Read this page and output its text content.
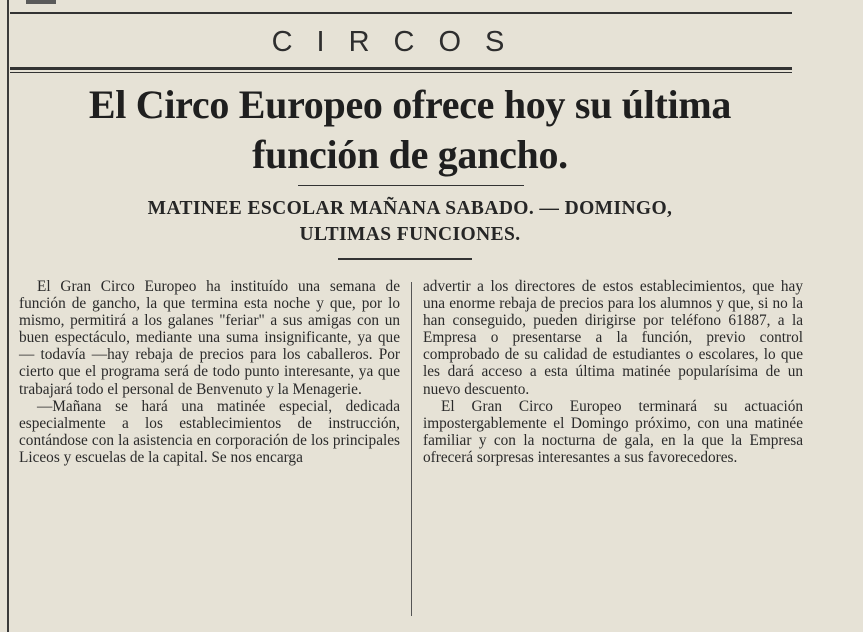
CIRCOS
El Circo Europeo ofrece hoy su última
función de gancho.
MATINEE ESCOLAR MAÑANA SABADO. — DOMINGO,
ULTIMAS FUNCIONES.

El Gran Circo Europeo ha instituído una semana de función de gancho, la que termina esta noche y que, por lo mismo, permitirá a los galanes "feriar" a sus amigas con un buen espectáculo, mediante una suma insignificante, ya que— todavía —hay rebaja de precios para los caballeros. Por cierto que el programa será de todo punto interesante, ya que trabajará todo el personal de Benvenuto y la Menagerie.

—Mañana se hará una matinée especial, dedicada especialmente a los establecimientos de instrucción, contándose con la asistencia en corporación de los principales Liceos y escuelas de la capital. Se nos encarga

advertir a los directores de estos establecimientos, que hay una enorme rebaja de precios para los alumnos y que, si no la han conseguido, pueden dirigirse por teléfono 61887, a la Empresa o presentarse a la función, previo control comprobado de su calidad de estudiantes o escolares, lo que les dará acceso a esta última matinée popularísima de un nuevo descuento.

El Gran Circo Europeo terminará su actuación impostergablemente el Domingo próximo, con una matinée familiar y con la nocturna de gala, en la que la Empresa ofrecerá sorpresas interesantes a sus favorecedores.
